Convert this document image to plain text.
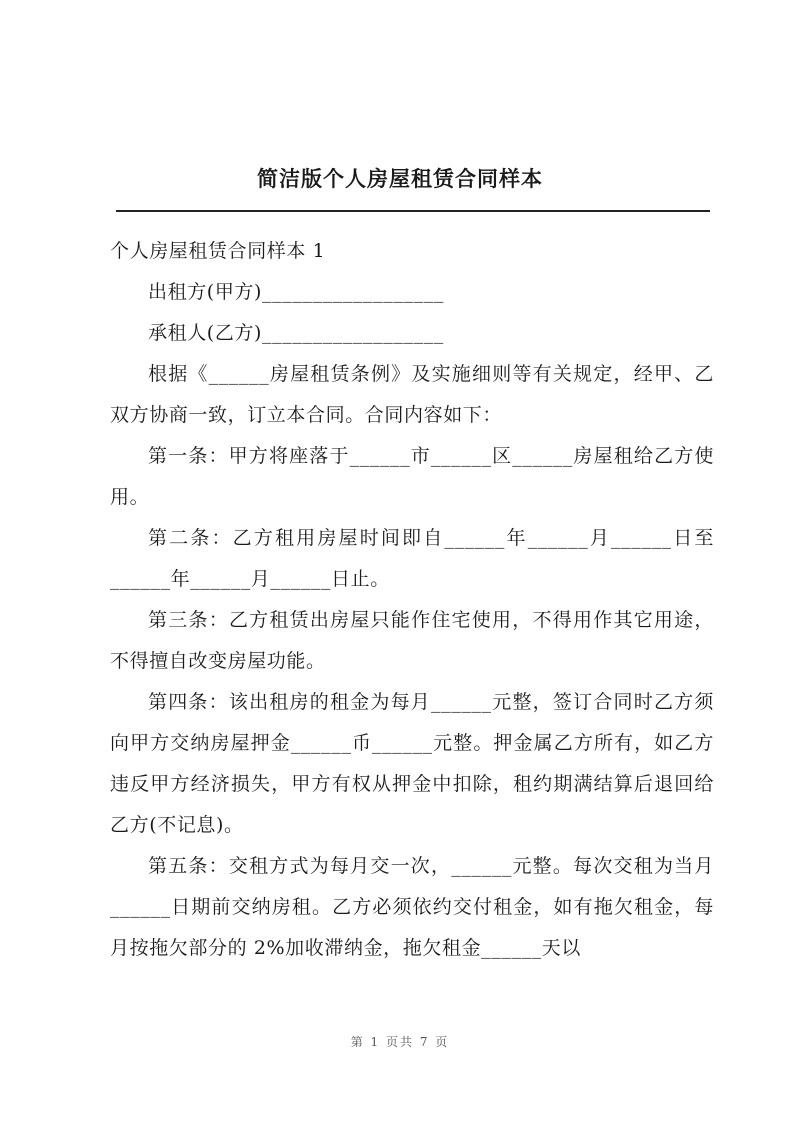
简洁版个人房屋租赁合同样本

个人房屋租赁合同样本 1

出租方(甲方)__________________

承租人(乙方)__________________

根据《______房屋租赁条例》及实施细则等有关规定，经甲、乙双方协商一致，订立本合同。合同内容如下：

第一条：甲方将座落于______市______区______房屋租给乙方使用。

第二条：乙方租用房屋时间即自______年______月______日至______年______月______日止。

第三条：乙方租赁出房屋只能作住宅使用，不得用作其它用途，不得擅自改变房屋功能。

第四条：该出租房的租金为每月______元整，签订合同时乙方须向甲方交纳房屋押金______币______元整。押金属乙方所有，如乙方违反甲方经济损失，甲方有权从押金中扣除，租约期满结算后退回给乙方(不记息)。

第五条：交租方式为每月交一次，______元整。每次交租为当月______日期前交纳房租。乙方必须依约交付租金，如有拖欠租金，每月按拖欠部分的 2%加收滞纳金，拖欠租金______天以

第 1 页共 7 页
